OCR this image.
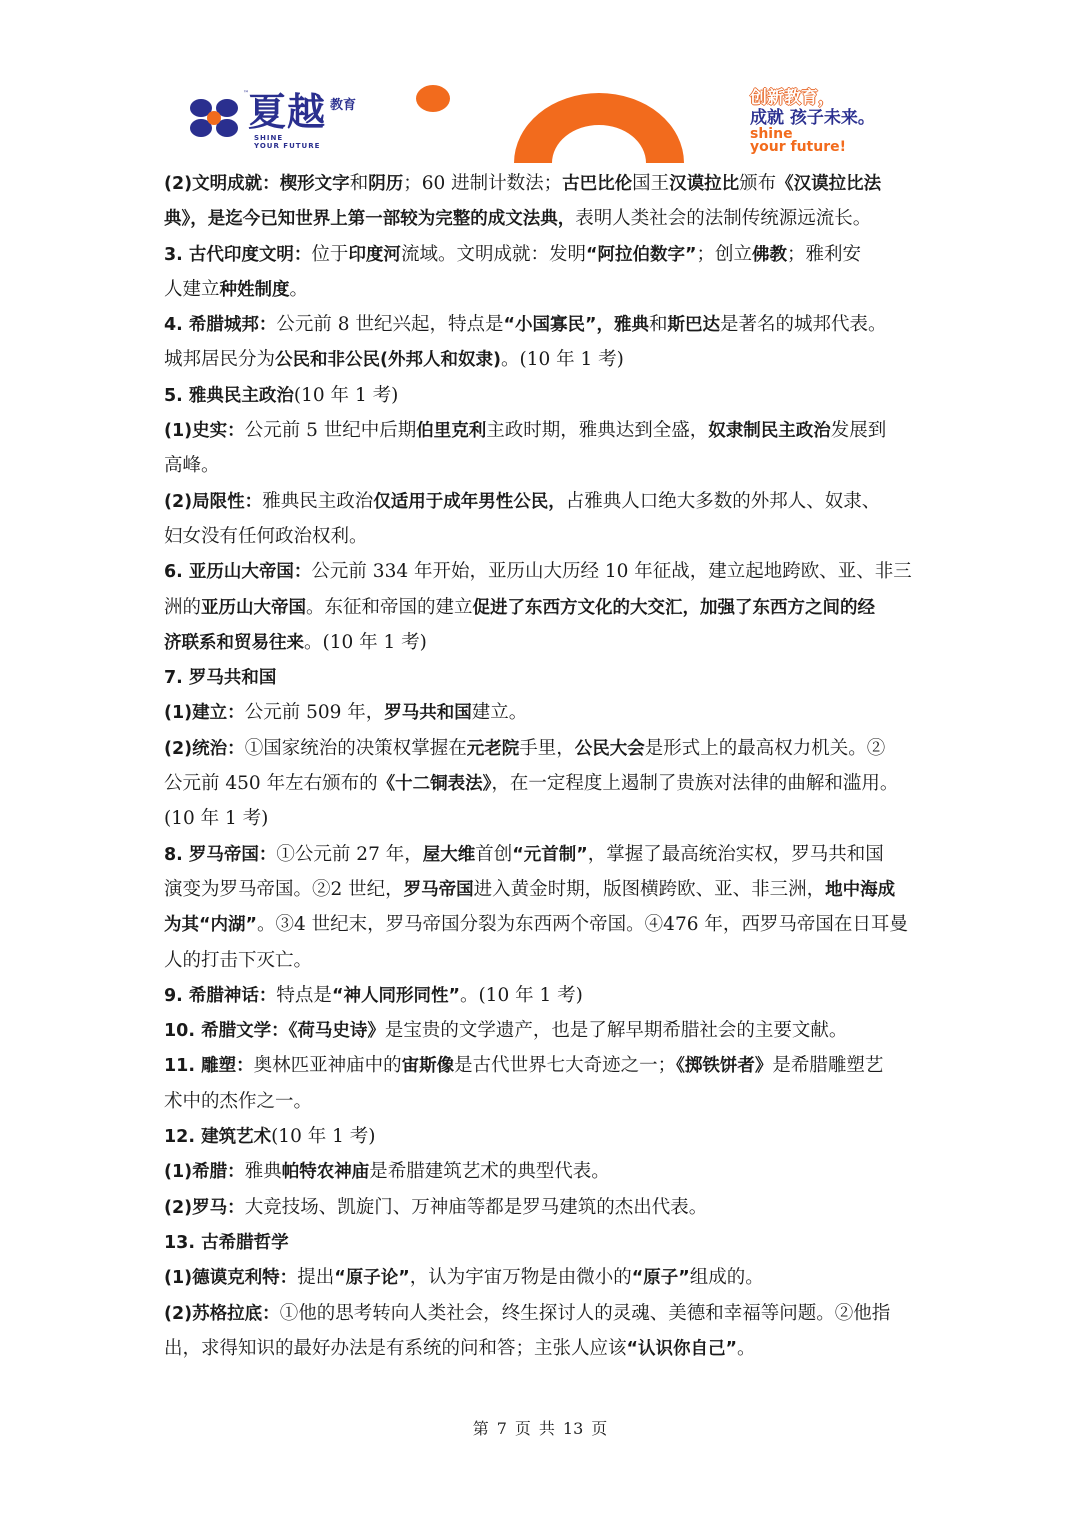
™ 夏越 教育
SHINE
YOUR FUTURE
创新教育，
成就 孩子未来。
shine
your future!
(2)文明成就：楔形文字和阴历；60 进制计数法；古巴比伦国王汉谟拉比颁布《汉谟拉比法
典》，是迄今已知世界上第一部较为完整的成文法典，表明人类社会的法制传统源远流长。
3. 古代印度文明：位于印度河流域。文明成就：发明“阿拉伯数字”；创立佛教；雅利安
人建立种姓制度。
4. 希腊城邦：公元前 8 世纪兴起，特点是“小国寡民”，雅典和斯巴达是著名的城邦代表。
城邦居民分为公民和非公民(外邦人和奴隶)。(10 年 1 考)
5. 雅典民主政治(10 年 1 考)
(1)史实：公元前 5 世纪中后期伯里克利主政时期，雅典达到全盛，奴隶制民主政治发展到
高峰。
(2)局限性：雅典民主政治仅适用于成年男性公民，占雅典人口绝大多数的外邦人、奴隶、
妇女没有任何政治权利。
6. 亚历山大帝国：公元前 334 年开始，亚历山大历经 10 年征战，建立起地跨欧、亚、非三
洲的亚历山大帝国。东征和帝国的建立促进了东西方文化的大交汇，加强了东西方之间的经
济联系和贸易往来。(10 年 1 考)
7. 罗马共和国
(1)建立：公元前 509 年，罗马共和国建立。
(2)统治：①国家统治的决策权掌握在元老院手里，公民大会是形式上的最高权力机关。②
公元前 450 年左右颁布的《十二铜表法》，在一定程度上遏制了贵族对法律的曲解和滥用。
(10 年 1 考)
8. 罗马帝国：①公元前 27 年，屋大维首创“元首制”，掌握了最高统治实权，罗马共和国
演变为罗马帝国。②2 世纪，罗马帝国进入黄金时期，版图横跨欧、亚、非三洲，地中海成
为其“内湖”。③4 世纪末，罗马帝国分裂为东西两个帝国。④476 年，西罗马帝国在日耳曼
人的打击下灭亡。
9. 希腊神话：特点是“神人同形同性”。(10 年 1 考)
10. 希腊文学：《荷马史诗》是宝贵的文学遗产，也是了解早期希腊社会的主要文献。
11. 雕塑：奥林匹亚神庙中的宙斯像是古代世界七大奇迹之一；《掷铁饼者》是希腊雕塑艺
术中的杰作之一。
12. 建筑艺术(10 年 1 考)
(1)希腊：雅典帕特农神庙是希腊建筑艺术的典型代表。
(2)罗马：大竞技场、凯旋门、万神庙等都是罗马建筑的杰出代表。
13. 古希腊哲学
(1)德谟克利特：提出“原子论”，认为宇宙万物是由微小的“原子”组成的。
(2)苏格拉底：①他的思考转向人类社会，终生探讨人的灵魂、美德和幸福等问题。②他指
出，求得知识的最好办法是有系统的问和答；主张人应该“认识你自己”。
第 7 页 共 13 页
